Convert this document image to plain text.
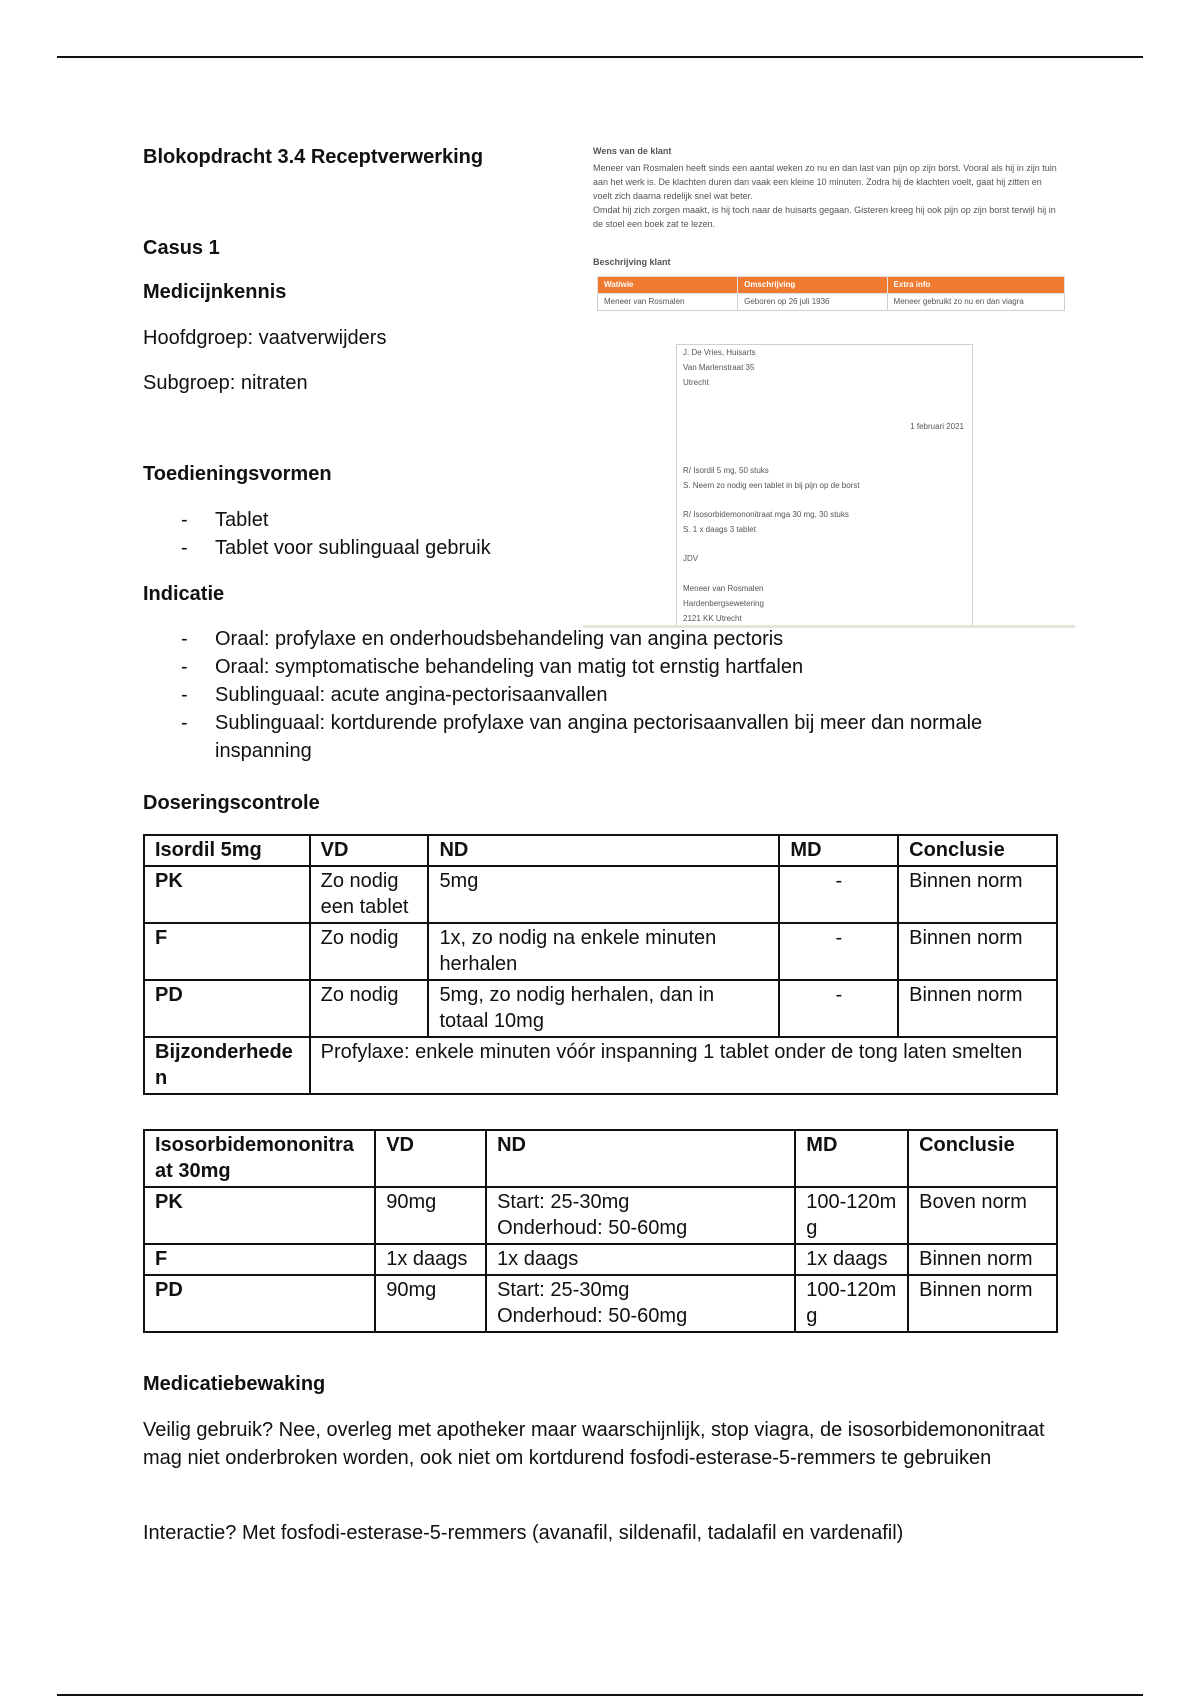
Blokopdracht 3.4 Receptverwerking
Casus 1
Medicijnkennis
Hoofdgroep: vaatverwijders
Subgroep: nitraten
Toedieningsvormen
- Tablet
- Tablet voor sublinguaal gebruik
Indicatie
- Oraal: profylaxe en onderhoudsbehandeling van angina pectoris
- Oraal: symptomatische behandeling van matig tot ernstig hartfalen
- Sublinguaal: acute angina-pectorisaanvallen
- Sublinguaal: kortdurende profylaxe van angina pectorisaanvallen bij meer dan normale inspanning
Doseringscontrole
Isordil 5mg	VD	ND	MD	Conclusie
PK	Zo nodig een tablet	5mg	-	Binnen norm
F	Zo nodig	1x, zo nodig na enkele minuten herhalen	-	Binnen norm
PD	Zo nodig	5mg, zo nodig herhalen, dan in totaal 10mg	-	Binnen norm
Bijzonderheden	Profylaxe: enkele minuten vóór inspanning 1 tablet onder de tong laten smelten			
Isosorbidemononitraat 30mg	VD	ND	MD	Conclusie
PK	90mg	Start: 25-30mg
Onderhoud: 50-60mg	100-120mg	Boven norm
F	1x daags	1x daags	1x daags	Binnen norm
PD	90mg	Start: 25-30mg
Onderhoud: 50-60mg	100-120mg	Binnen norm
Medicatiebewaking
Veilig gebruik? Nee, overleg met apotheker maar waarschijnlijk, stop viagra, de isosorbidemononitraat mag niet onderbroken worden, ook niet om kortdurend fosfodi-esterase-5-remmers te gebruiken
Interactie? Met fosfodi-esterase-5-remmers (avanafil, sildenafil, tadalafil en vardenafil)
Wens van de klant
Meneer van Rosmalen heeft sinds een aantal weken zo nu en dan last van pijn op zijn borst. Vooral als hij in zijn tuin aan het werk is. De klachten duren dan vaak een kleine 10 minuten. Zodra hij de klachten voelt, gaat hij zitten en voelt zich daarna redelijk snel wat beter.
Omdat hij zich zorgen maakt, is hij toch naar de huisarts gegaan. Gisteren kreeg hij ook pijn op zijn borst terwijl hij in de stoel een boek zat te lezen.
Beschrijving klant
Wat/wie	Omschrijving	Extra info
Meneer van Rosmalen	Geboren op 26 juli 1936	Meneer gebruikt zo nu en dan viagra
J. De Vries, Huisarts
Van Marlenstraat 35
Utrecht
1 februari 2021
R/ Isordil 5 mg, 50 stuks
S. Neem zo nodig een tablet in bij pijn op de borst
R/ Isosorbidemononitraat mga 30 mg, 30 stuks
S. 1 x daags 3 tablet
JDV
Meneer van Rosmalen
Hardenbergsewetering
2121 KK Utrecht
